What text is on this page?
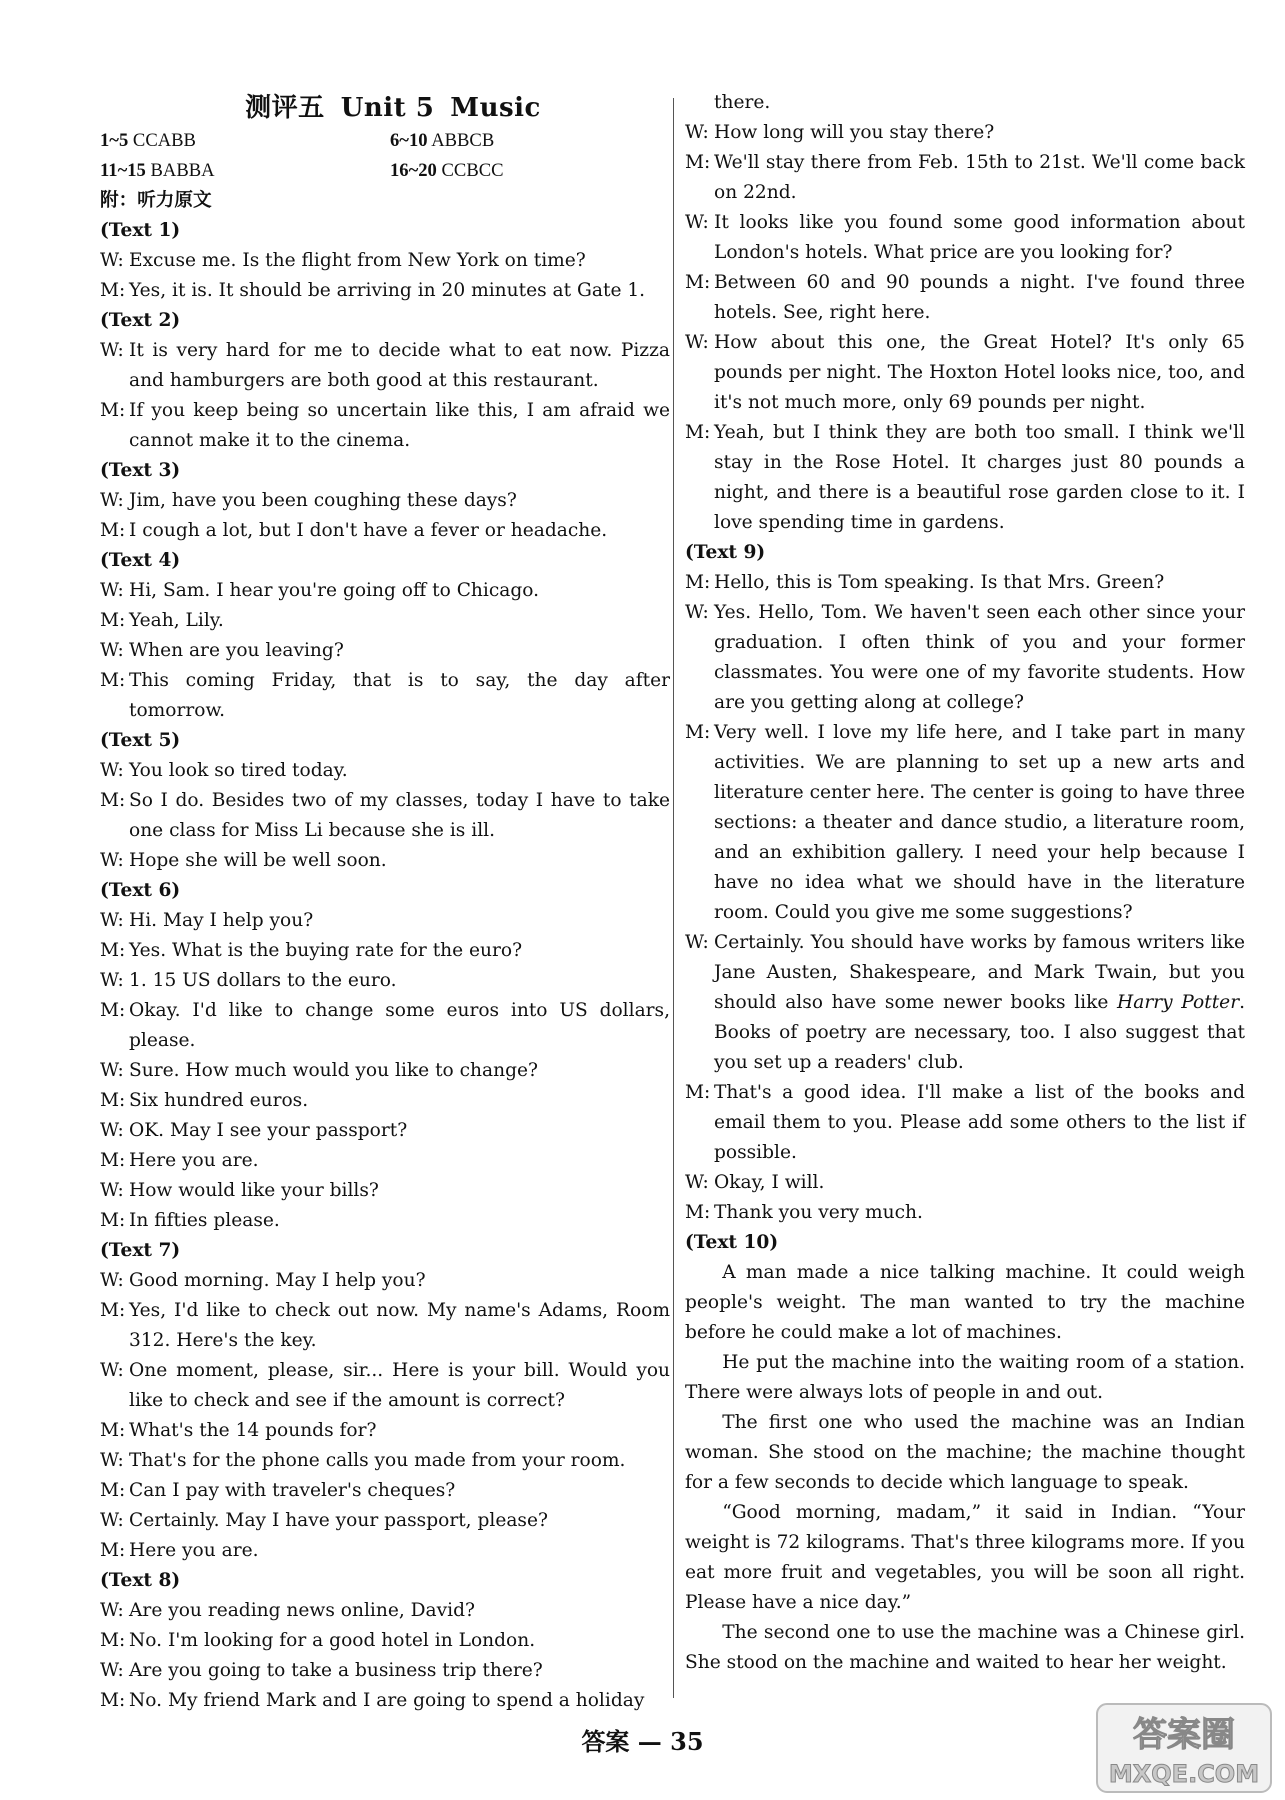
测评五 Unit 5 Music
1~5 CCABB	6~10 ABBCB
11~15 BABBA	16~20 CCBCC
附：听力原文
(Text 1)
W: Excuse me. Is the flight from New York on time?
M: Yes, it is. It should be arriving in 20 minutes at Gate 1.
(Text 2)
W: It is very hard for me to decide what to eat now. Pizza and hamburgers are both good at this restaurant.
M: If you keep being so uncertain like this, I am afraid we cannot make it to the cinema.
(Text 3)
W: Jim, have you been coughing these days?
M: I cough a lot, but I don't have a fever or headache.
(Text 4)
W: Hi, Sam. I hear you're going off to Chicago.
M: Yeah, Lily.
W: When are you leaving?
M: This coming Friday, that is to say, the day after tomorrow.
(Text 5)
W: You look so tired today.
M: So I do. Besides two of my classes, today I have to take one class for Miss Li because she is ill.
W: Hope she will be well soon.
(Text 6)
W: Hi. May I help you?
M: Yes. What is the buying rate for the euro?
W: 1. 15 US dollars to the euro.
M: Okay. I'd like to change some euros into US dollars, please.
W: Sure. How much would you like to change?
M: Six hundred euros.
W: OK. May I see your passport?
M: Here you are.
W: How would like your bills?
M: In fifties please.
(Text 7)
W: Good morning. May I help you?
M: Yes, I'd like to check out now. My name's Adams, Room 312. Here's the key.
W: One moment, please, sir... Here is your bill. Would you like to check and see if the amount is correct?
M: What's the 14 pounds for?
W: That's for the phone calls you made from your room.
M: Can I pay with traveler's cheques?
W: Certainly. May I have your passport, please?
M: Here you are.
(Text 8)
W: Are you reading news online, David?
M: No. I'm looking for a good hotel in London.
W: Are you going to take a business trip there?
M: No. My friend Mark and I are going to spend a holiday
there.
W: How long will you stay there?
M: We'll stay there from Feb. 15th to 21st. We'll come back on 22nd.
W: It looks like you found some good information about London's hotels. What price are you looking for?
M: Between 60 and 90 pounds a night. I've found three hotels. See, right here.
W: How about this one, the Great Hotel? It's only 65 pounds per night. The Hoxton Hotel looks nice, too, and it's not much more, only 69 pounds per night.
M: Yeah, but I think they are both too small. I think we'll stay in the Rose Hotel. It charges just 80 pounds a night, and there is a beautiful rose garden close to it. I love spending time in gardens.
(Text 9)
M: Hello, this is Tom speaking. Is that Mrs. Green?
W: Yes. Hello, Tom. We haven't seen each other since your graduation. I often think of you and your former classmates. You were one of my favorite students. How are you getting along at college?
M: Very well. I love my life here, and I take part in many activities. We are planning to set up a new arts and literature center here. The center is going to have three sections: a theater and dance studio, a literature room, and an exhibition gallery. I need your help because I have no idea what we should have in the literature room. Could you give me some suggestions?
W: Certainly. You should have works by famous writers like Jane Austen, Shakespeare, and Mark Twain, but you should also have some newer books like Harry Potter. Books of poetry are necessary, too. I also suggest that you set up a readers' club.
M: That's a good idea. I'll make a list of the books and email them to you. Please add some others to the list if possible.
W: Okay, I will.
M: Thank you very much.
(Text 10)
A man made a nice talking machine. It could weigh people's weight. The man wanted to try the machine before he could make a lot of machines.
He put the machine into the waiting room of a station. There were always lots of people in and out.
The first one who used the machine was an Indian woman. She stood on the machine; the machine thought for a few seconds to decide which language to speak.
“Good morning, madam,” it said in Indian. “Your weight is 72 kilograms. That's three kilograms more. If you eat more fruit and vegetables, you will be soon all right. Please have a nice day.”
The second one to use the machine was a Chinese girl. She stood on the machine and waited to hear her weight.
答案 — 35	答案圈
MXQE.COM
